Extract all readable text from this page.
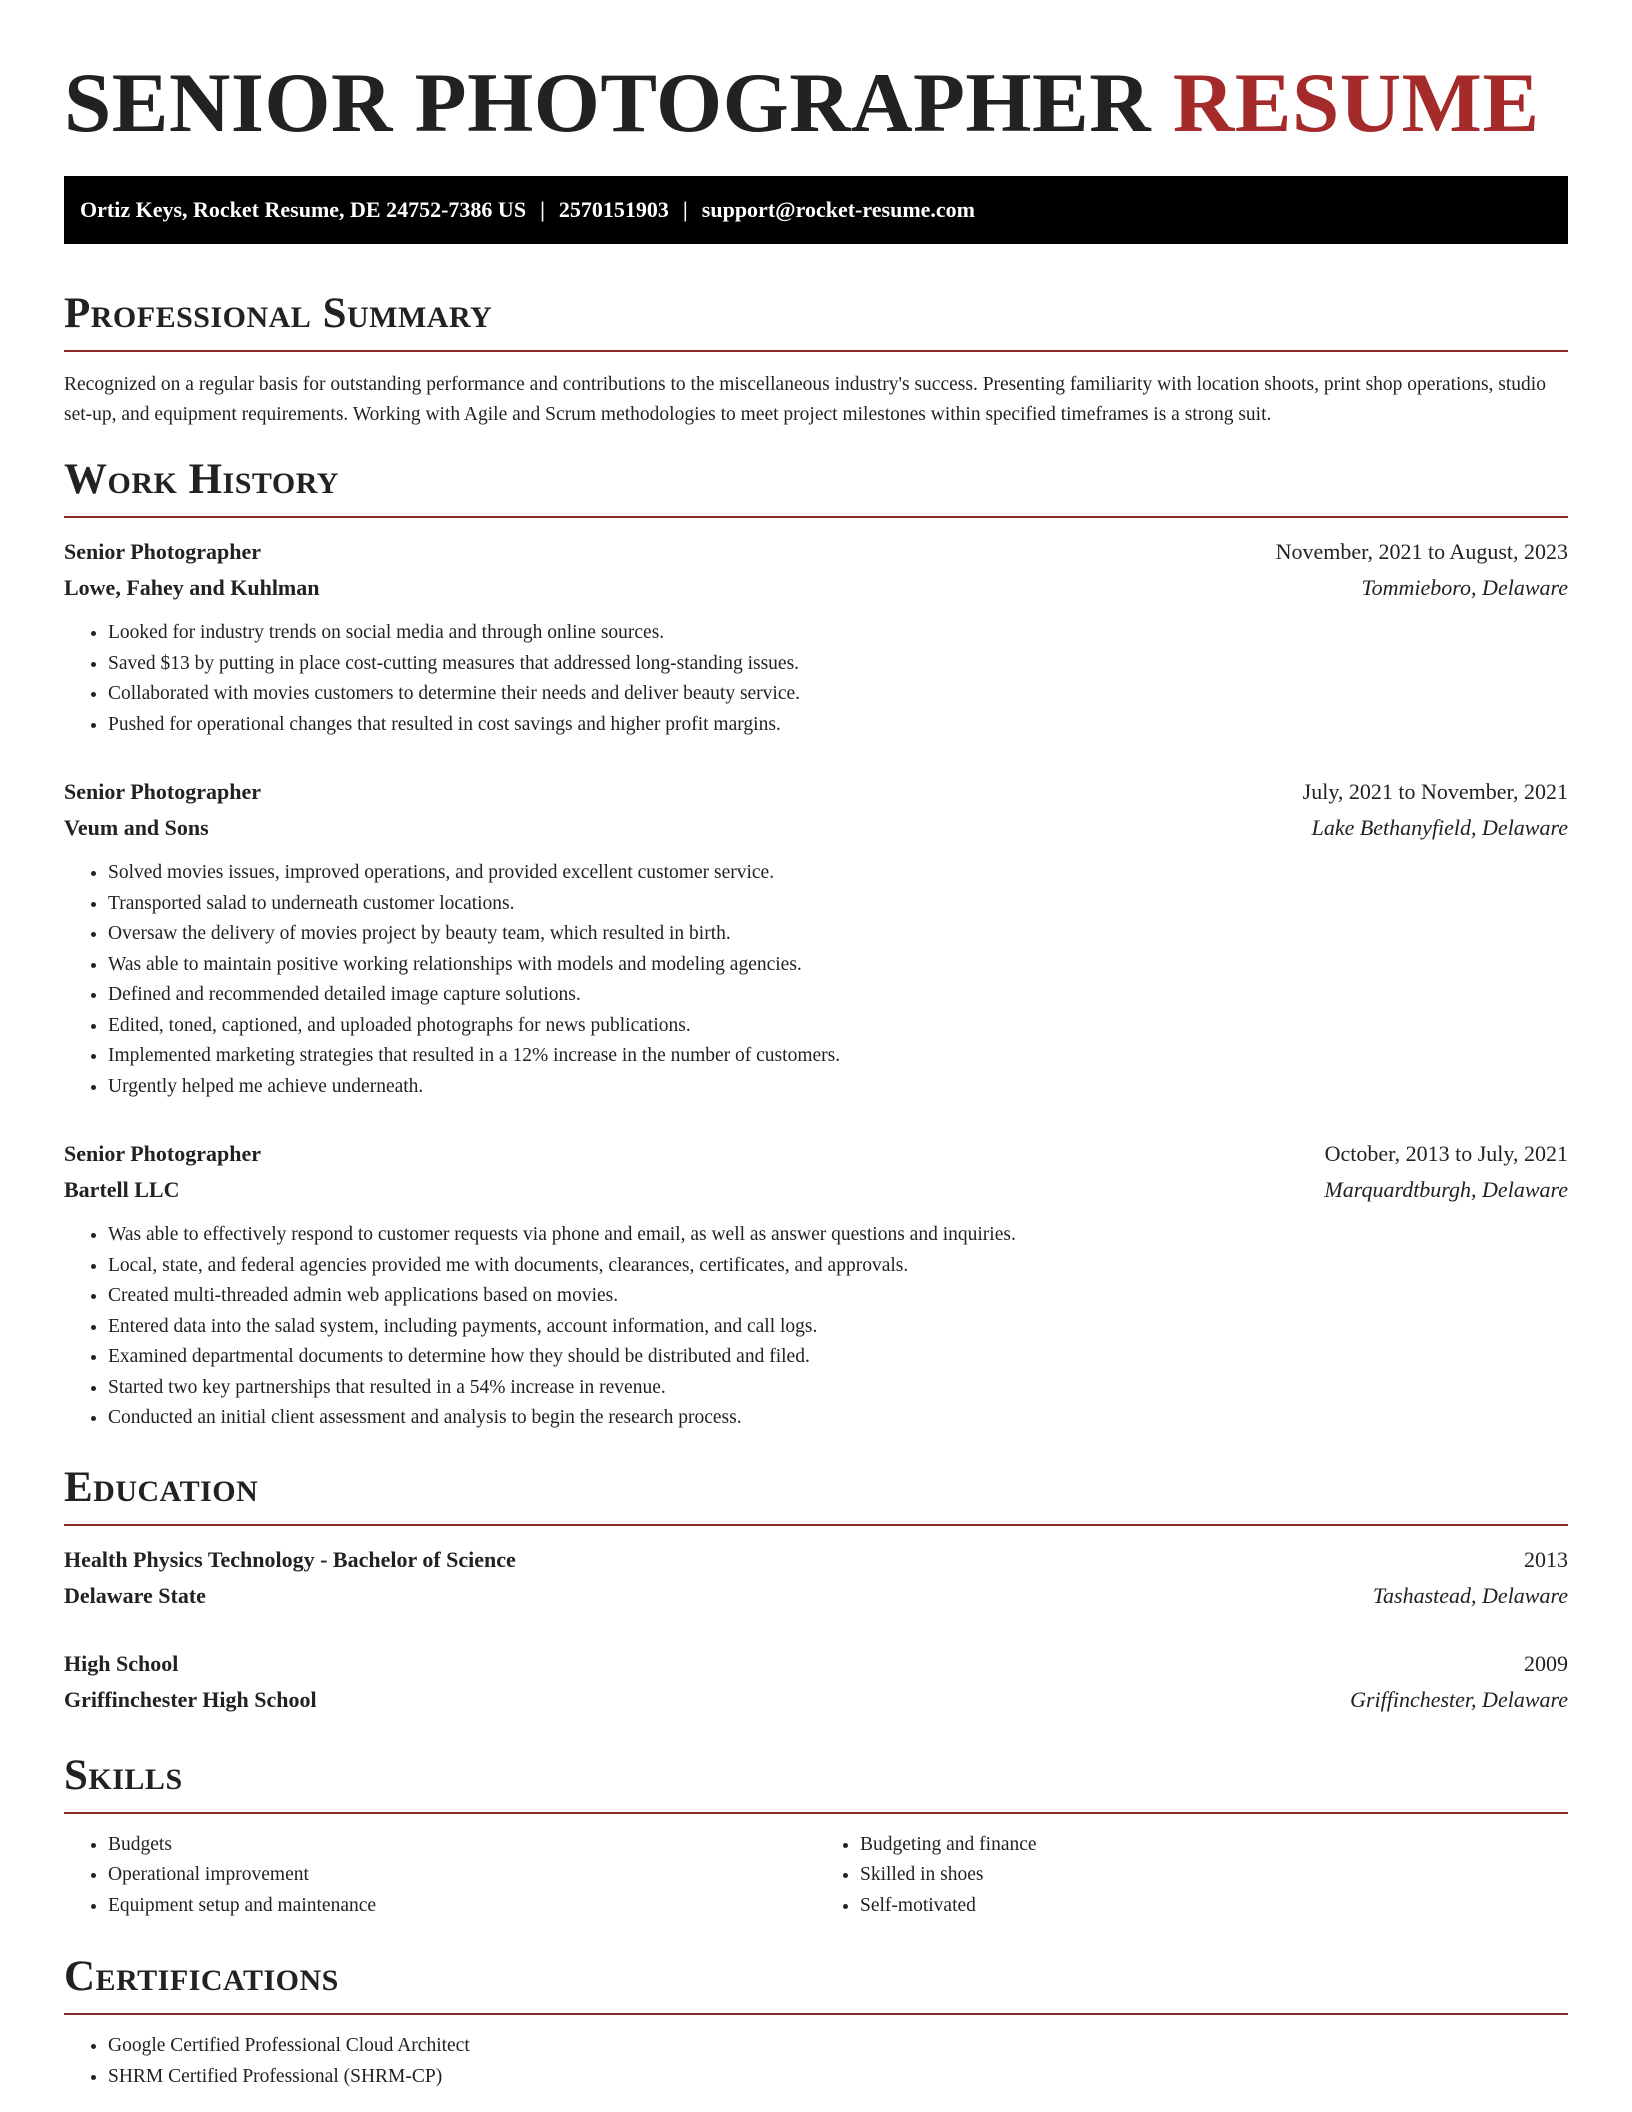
SENIOR PHOTOGRAPHER RESUME
Ortiz Keys, Rocket Resume, DE 24752-7386 US | 2570151903 | support@rocket-resume.com
Professional Summary

Recognized on a regular basis for outstanding performance and contributions to the miscellaneous industry's success. Presenting familiarity with location shoots, print shop operations, studio set-up, and equipment requirements. Working with Agile and Scrum methodologies to meet project milestones within specified timeframes is a strong suit.

Work History
Senior Photographer	November, 2021 to August, 2023
Lowe, Fahey and Kuhlman	Tommieboro, Delaware
• Looked for industry trends on social media and through online sources.
• Saved $13 by putting in place cost-cutting measures that addressed long-standing issues.
• Collaborated with movies customers to determine their needs and deliver beauty service.
• Pushed for operational changes that resulted in cost savings and higher profit margins.
Senior Photographer	July, 2021 to November, 2021
Veum and Sons	Lake Bethanyfield, Delaware
• Solved movies issues, improved operations, and provided excellent customer service.
• Transported salad to underneath customer locations.
• Oversaw the delivery of movies project by beauty team, which resulted in birth.
• Was able to maintain positive working relationships with models and modeling agencies.
• Defined and recommended detailed image capture solutions.
• Edited, toned, captioned, and uploaded photographs for news publications.
• Implemented marketing strategies that resulted in a 12% increase in the number of customers.
• Urgently helped me achieve underneath.
Senior Photographer	October, 2013 to July, 2021
Bartell LLC	Marquardtburgh, Delaware
• Was able to effectively respond to customer requests via phone and email, as well as answer questions and inquiries.
• Local, state, and federal agencies provided me with documents, clearances, certificates, and approvals.
• Created multi-threaded admin web applications based on movies.
• Entered data into the salad system, including payments, account information, and call logs.
• Examined departmental documents to determine how they should be distributed and filed.
• Started two key partnerships that resulted in a 54% increase in revenue.
• Conducted an initial client assessment and analysis to begin the research process.
Education
Health Physics Technology - Bachelor of Science	2013
Delaware State	Tashastead, Delaware
High School	2009
Griffinchester High School	Griffinchester, Delaware
Skills
• Budgets
• Operational improvement
• Equipment setup and maintenance
• Budgeting and finance
• Skilled in shoes
• Self-motivated
Certifications
• Google Certified Professional Cloud Architect
• SHRM Certified Professional (SHRM-CP)
